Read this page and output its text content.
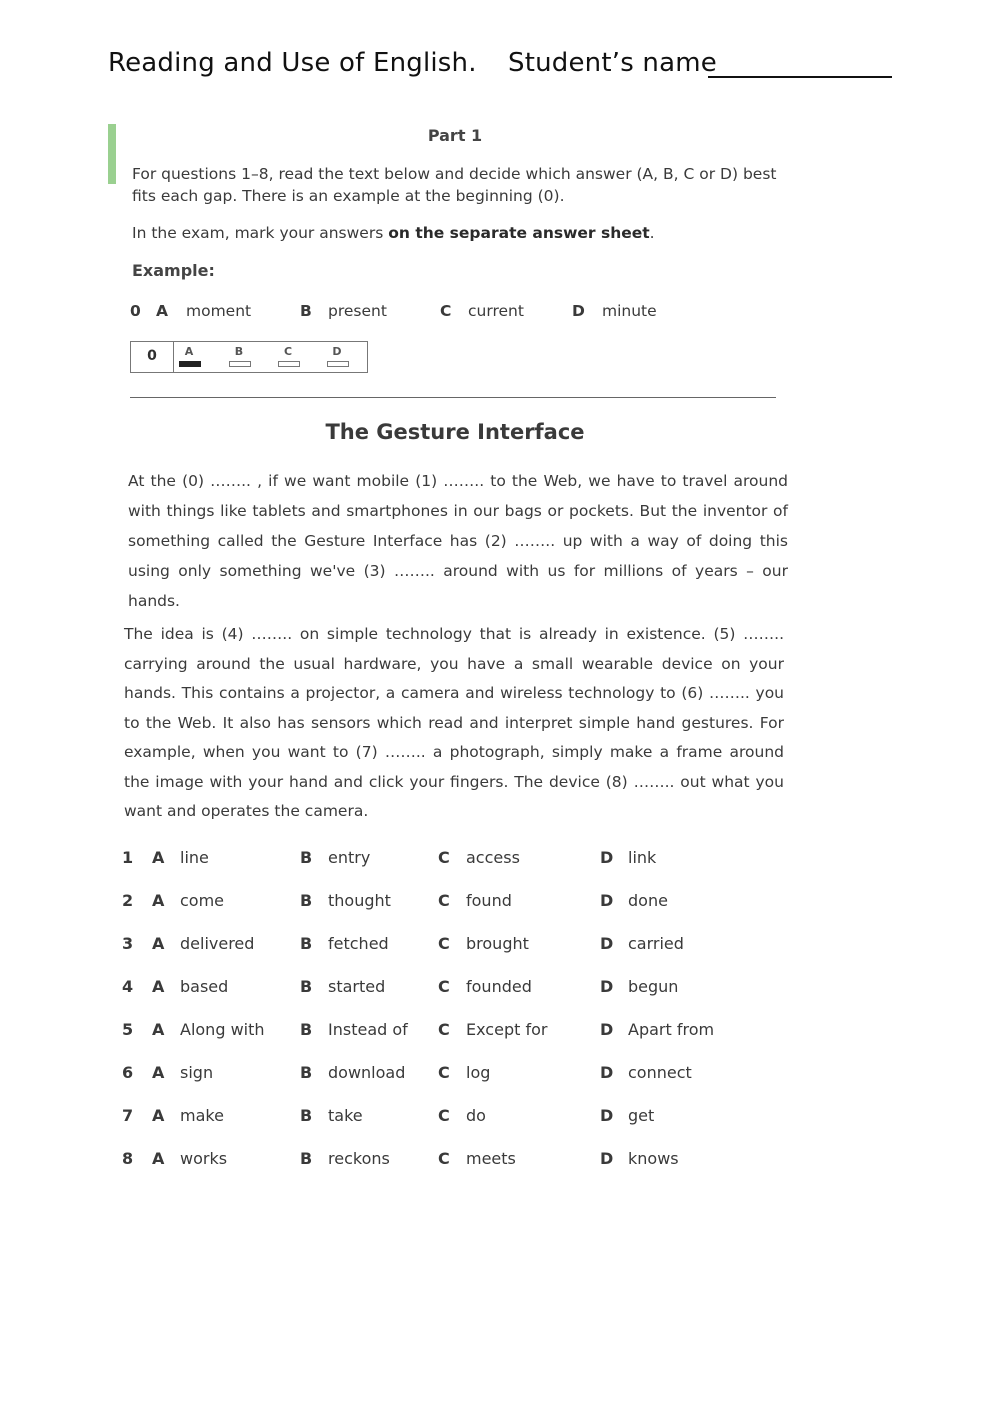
Reading and Use of English. Student’s name
Part 1
For questions 1–8, read the text below and decide which answer (A, B, C or D) best fits each gap. There is an example at the beginning (0).
In the exam, mark your answers on the separate answer sheet.
Example:
0 A moment	B present	C current	D minute
0	A	B	C	D
The Gesture Interface

At the (0) …….. , if we want mobile (1) …….. to the Web, we have to travel around with things like tablets and smartphones in our bags or pockets. But the inventor of something called the Gesture Interface has (2) …….. up with a way of doing this using only something we've (3) …….. around with us for millions of years – our hands.

The idea is (4) …….. on simple technology that is already in existence. (5) …….. carrying around the usual hardware, you have a small wearable device on your hands. This contains a projector, a camera and wireless technology to (6) …….. you to the Web. It also has sensors which read and interpret simple hand gestures. For example, when you want to (7) …….. a photograph, simply make a frame around the image with your hand and click your fingers. The device (8) …….. out what you want and operates the camera.

1 A line	B entry	C access	D link
2 A come	B thought	C found	D done
3 A delivered	B fetched	C brought	D carried
4 A based	B started	C founded	D begun
5 A Along with B Instead of C Except for	D Apart from
6 A sign	B download C log	D connect
7 A make	B take	C do	D get
8 A works	B reckons	C meets	D knows
